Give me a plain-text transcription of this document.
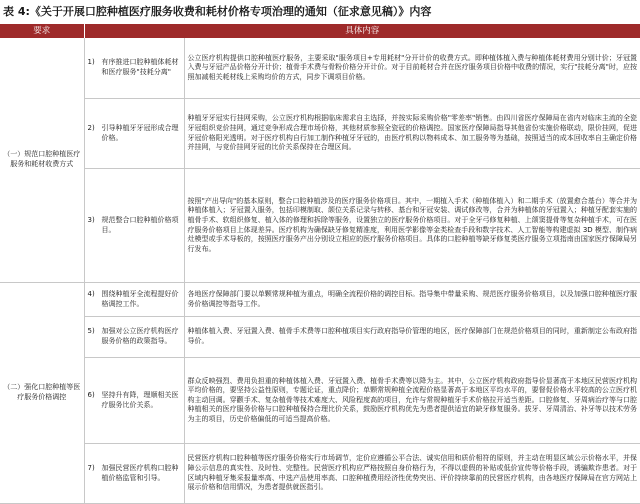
表 4:《关于开展口腔种植医疗服务收费和耗材价格专项治理的通知（征求意见稿）》内容
要求	具体内容	
（一）规范口腔种植医疗服务和耗材收费方式	1) 有序推进口腔种植体耗材和医疗服务"技耗分离"	公立医疗机构提供口腔种植医疗服务，主要采取"服务项目+专用耗材"分开计价的收费方式。即种植体植入费与种植体耗材费用分别计价；牙冠置入费与牙冠产品价格分开计价；植骨手术费与骨粉价格分开计价。对于目前耗材合并在医疗服务项目价格中收费的情况，实行"技耗分离"时，应按照加减相关耗材线上采购均价的方式，同步下调项目价格。

	2) 引导种植牙牙冠形成合理价格。	种植牙牙冠实行挂网采购，公立医疗机构根据临床需求自主选择，并按实际采购价格"零差率"销售。由四川省医疗保障局在省内对临床主流的全瓷牙冠组织竞价挂网，通过竞争形成合理市场价格，其他材质参照全瓷冠的价格调控。国家医疗保障局指导其他省份实施价格联动，限价挂网，促进牙冠价格阳光透明。对于医疗机构自行加工制作种植牙牙冠的，由医疗机构以物料成本、加工服务等为基础，按照适当的成本回收率自主确定价格并挂网，与竞价挂网牙冠的比价关系保持在合理区间。

	3) 规范整合口腔种植价格项目。	按照"产出导向"的基本原则，整合口腔种植涉及的医疗服务价格项目。其中，一期植入手术（种植体植入）和二期手术（放置愈合基台）等合并为种植体植入；牙冠置入服务，包括印模制取、颌位关系记录与转移、基台和牙冠安装、调试修改等，合并为种植体的牙冠置入；种植牙配套实施的植骨手术、软组织修复、植入体的修理和拆除等服务，设置独立的医疗服务价格项目。对于全牙弓修复种植、上颌窦提骨等复杂种植手术，可在医疗服务价格项目上体现差异。医疗机构为确保缺牙修复精准度，利用医学影像等金类检查手段和数字技术、人工智能等构建虚拟 3D 模型、制作病灶模型或手术导板的，按照医疗服务产出分别设立相应的医疗服务价格项目。具体的口腔种植等缺牙修复类医疗服务立项指南由国家医疗保障局另行发布。
（二）强化口腔种植等医疗服务价格调控	4) 围绕种植牙全流程提好价格调控工作。	各地医疗保障部门要以单颗常规种植为重点，明确全流程价格的调控目标。指导集中带量采购、规范医疗服务价格项目，以及加强口腔种植医疗服务价格调控等指导工作。

	5) 加强对公立医疗机构医疗服务价格的政策指导。	种植体植入费、牙冠置入费、植骨手术费等口腔种植项目实行政府指导价管理的地区，医疗保障部门在规范价格项目的同时，重新制定公布政府指导价。

	6) 坚持升有降，理顺相关医疗服务比价关系。	群众反映强烈、费用负担重的种植体植入费、牙冠置入费、植骨手术费等以降为主。其中，公立医疗机构政府指导价显著高于本地区民营医疗机构平均价格的，要坚持公益性原则，专题论证，重点降价；单颗常规种植全流程价格显著高于本地区平均水平的，要督促价格水平较高的公立医疗机构主动回调。穿颧手术、复杂植骨等技术难度大、风险程度高的项目，允许与常规种植牙手术价格拉开适当差距。口腔修复、牙周病治疗等与口腔种植相关的医疗服务价格与口腔种植保持合理比价关系，鼓励医疗机构优先为患者提供适宜的缺牙修复服务。拔牙、牙周清治、补牙等以技术劳务为主的项目，历史价格偏低的可适当提高价格。

	7) 加强民营医疗机构口腔种植价格监管和引导。	民营医疗机构口腔种植等医疗服务价格实行市场调节，定价应遵循公平合法、诚实信用和质价相符的原则，并主动在明显区域公示价格水平，并保障公示信息的真实性、及时性、完整性。民营医疗机构应严格按照自身价格行为，不得以虚假的补贴或低价宣传等价格手段，诱骗欺诈患者。对于区域内种植牙集采报量率高、中选产品使用率高、口腔种植费用经济性优势突出、评价持续靠前的民营医疗机构，由各地医疗保障局在官方网站上展示价格和信用情况，为患者提供就医指引。
